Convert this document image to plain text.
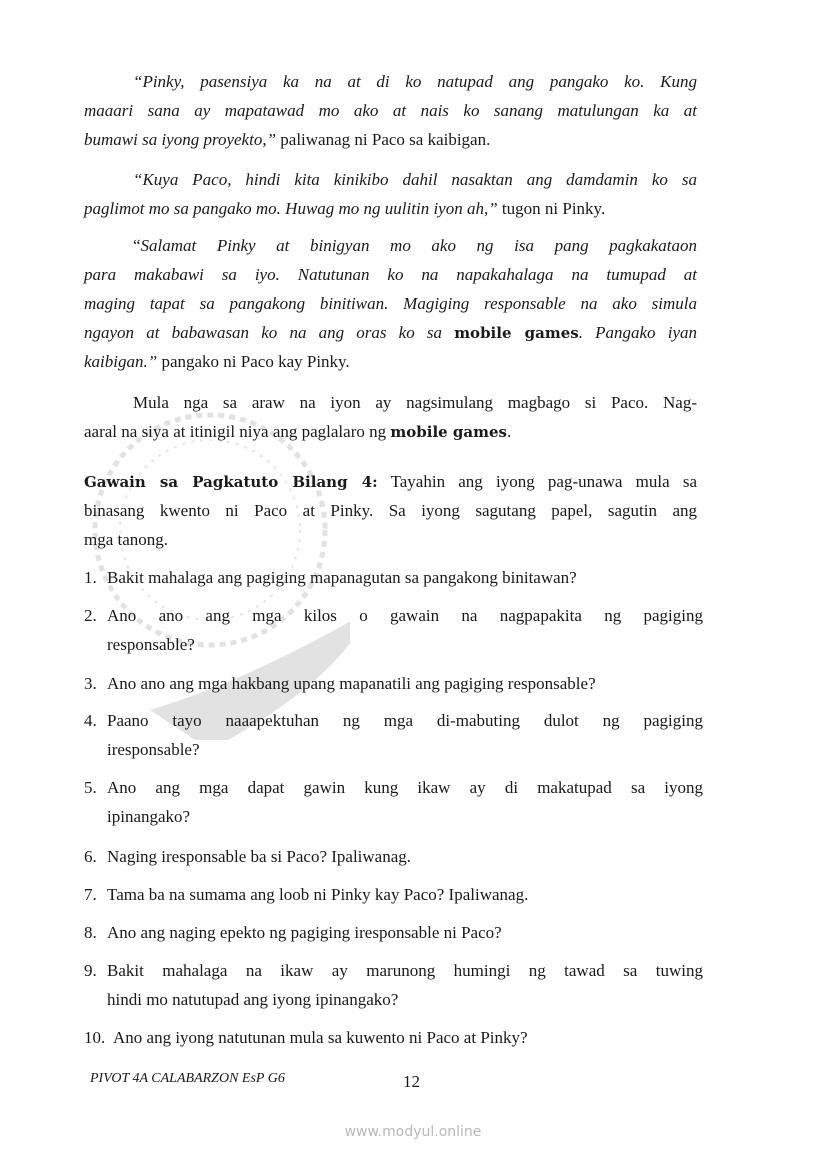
“Pinky, pasensiya ka na at di ko natupad ang pangako ko. Kung
maaari sana ay mapatawad mo ako at nais ko sanang matulungan ka at
bumawi sa iyong proyekto,” paliwanag ni Paco sa kaibigan.
“Kuya Paco, hindi kita kinikibo dahil nasaktan ang damdamin ko sa
paglimot mo sa pangako mo. Huwag mo ng uulitin iyon ah,” tugon ni Pinky.
“Salamat Pinky at binigyan mo ako ng isa pang pagkakataon
para makabawi sa iyo. Natutunan ko na napakahalaga na tumupad at
maging tapat sa pangakong binitiwan. Magiging responsable na ako simula
ngayon at babawasan ko na ang oras ko sa mobile games. Pangako iyan
kaibigan.” pangako ni Paco kay Pinky.
Mula nga sa araw na iyon ay nagsimulang magbago si Paco. Nag-
aaral na siya at itinigil niya ang paglalaro ng mobile games.
Gawain sa Pagkatuto Bilang 4: Tayahin ang iyong pag-unawa mula sa
binasang kwento ni Paco at Pinky. Sa iyong sagutang papel, sagutin ang
mga tanong.
1. Bakit mahalaga ang pagiging mapanagutan sa pangakong binitawan?
2. Ano ano ang mga kilos o gawain na nagpapakita ng pagiging
responsable?
3. Ano ano ang mga hakbang upang mapanatili ang pagiging responsable?
4. Paano tayo naaapektuhan ng mga di-mabuting dulot ng pagiging
iresponsable?
5. Ano ang mga dapat gawin kung ikaw ay di makatupad sa iyong
ipinangako?
6. Naging iresponsable ba si Paco? Ipaliwanag.
7. Tama ba na sumama ang loob ni Pinky kay Paco? Ipaliwanag.
8. Ano ang naging epekto ng pagiging iresponsable ni Paco?
9. Bakit mahalaga na ikaw ay marunong humingi ng tawad sa tuwing
hindi mo natutupad ang iyong ipinangako?
10. Ano ang iyong natutunan mula sa kuwento ni Paco at Pinky?
PIVOT 4A CALABARZON EsP G6	12
www.modyul.online
